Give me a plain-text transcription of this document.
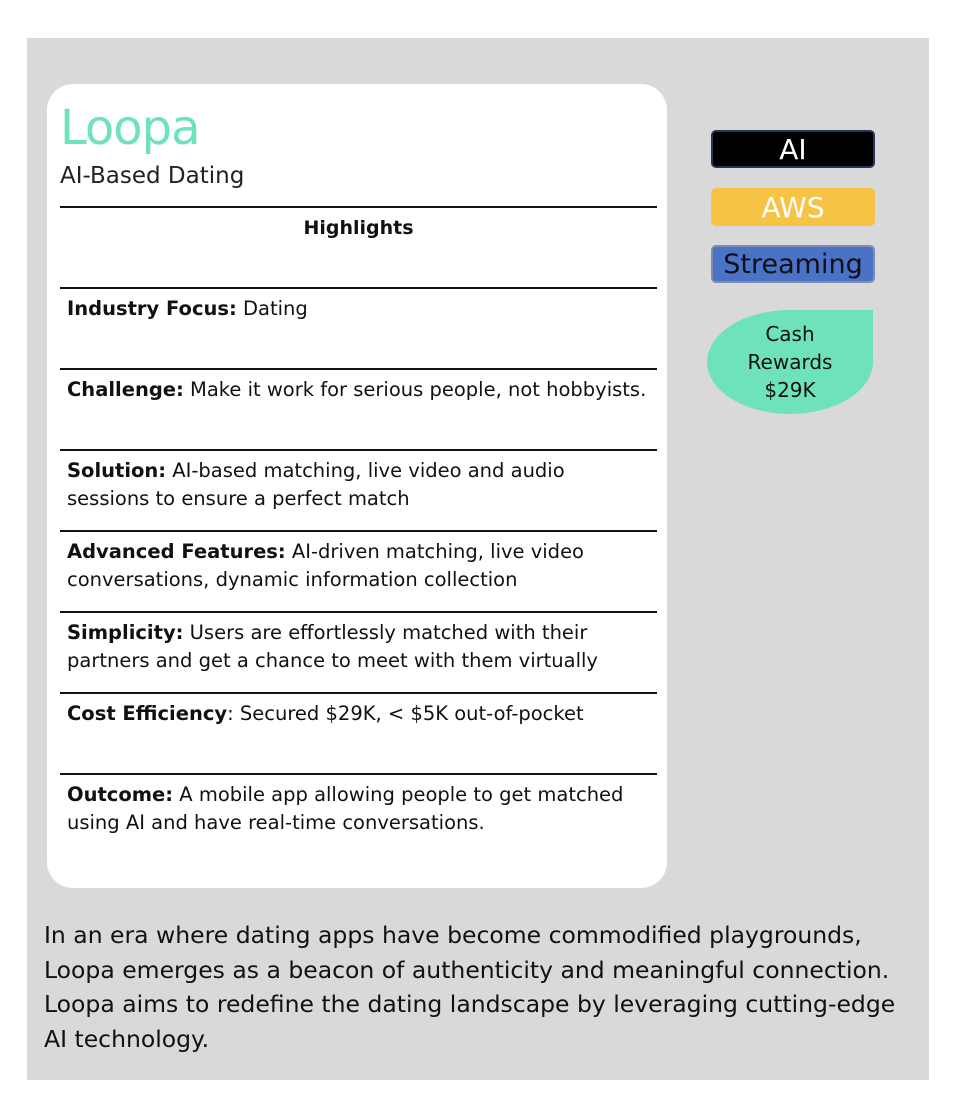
Loopa
AI-Based Dating
Highlights
Industry Focus: Dating
Challenge: Make it work for serious people, not hobbyists.
Solution: AI-based matching, live video and audio sessions to ensure a perfect match
Advanced Features: AI-driven matching, live video conversations, dynamic information collection
Simplicity: Users are effortlessly matched with their partners and get a chance to meet with them virtually
Cost Efficiency: Secured $29K, < $5K out-of-pocket
Outcome: A mobile app allowing people to get matched using AI and have real-time conversations.
AI
AWS
Streaming
Cash
Rewards
$29K

In an era where dating apps have become commodified playgrounds, Loopa emerges as a beacon of authenticity and meaningful connection. Loopa aims to redefine the dating landscape by leveraging cutting-edge AI technology.
